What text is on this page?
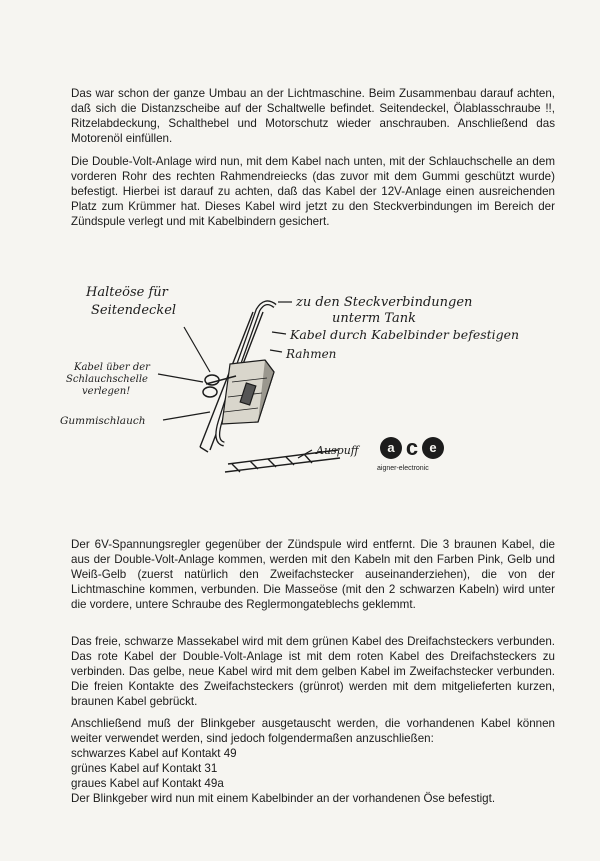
Das war schon der ganze Umbau an der Lichtmaschine. Beim Zusammenbau darauf achten, daß sich die Distanzscheibe auf der Schaltwelle befindet. Seitendeckel, Ölablasschraube !!, Ritzelabdeckung, Schalthebel und Motorschutz wieder anschrauben. Anschließend das Motorenöl einfüllen.

Die Double-Volt-Anlage wird nun, mit dem Kabel nach unten, mit der Schlauchschelle an dem vorderen Rohr des rechten Rahmendreiecks (das zuvor mit dem Gummi geschützt wurde) befestigt. Hierbei ist darauf zu achten, daß das Kabel der 12V-Anlage einen ausreichenden Platz zum Krümmer hat. Dieses Kabel wird jetzt zu den Steckverbindungen im Bereich der Zündspule verlegt und mit Kabelbindern gesichert.

Halteöse für
Seitendeckel
zu den Steckverbindungen
unterm Tank
Kabel durch Kabelbinder befestigen
Rahmen
Kabel über der
Schlauchschelle
verlegen!
Gummischlauch
Auspuff a c e
aigner-electronic

Der 6V-Spannungsregler gegenüber der Zündspule wird entfernt. Die 3 braunen Kabel, die aus der Double-Volt-Anlage kommen, werden mit den Kabeln mit den Farben Pink, Gelb und Weiß-Gelb (zuerst natürlich den Zweifachstecker auseinanderziehen), die von der Lichtmaschine kommen, verbunden. Die Masseöse (mit den 2 schwarzen Kabeln) wird unter die vordere, untere Schraube des Reglermongateblechs geklemmt.

Das freie, schwarze Massekabel wird mit dem grünen Kabel des Dreifachsteckers verbunden. Das rote Kabel der Double-Volt-Anlage ist mit dem roten Kabel des Dreifachsteckers zu verbinden. Das gelbe, neue Kabel wird mit dem gelben Kabel im Zweifachstecker verbunden. Die freien Kontakte des Zweifachsteckers (grünrot) werden mit dem mitgelieferten kurzen, braunen Kabel gebrückt.

Anschließend muß der Blinkgeber ausgetauscht werden, die vorhandenen Kabel können weiter verwendet werden, sind jedoch folgendermaßen anzuschließen:
schwarzes Kabel auf Kontakt 49
grünes Kabel auf Kontakt 31
graues Kabel auf Kontakt 49a
Der Blinkgeber wird nun mit einem Kabelbinder an der vorhandenen Öse befestigt.
